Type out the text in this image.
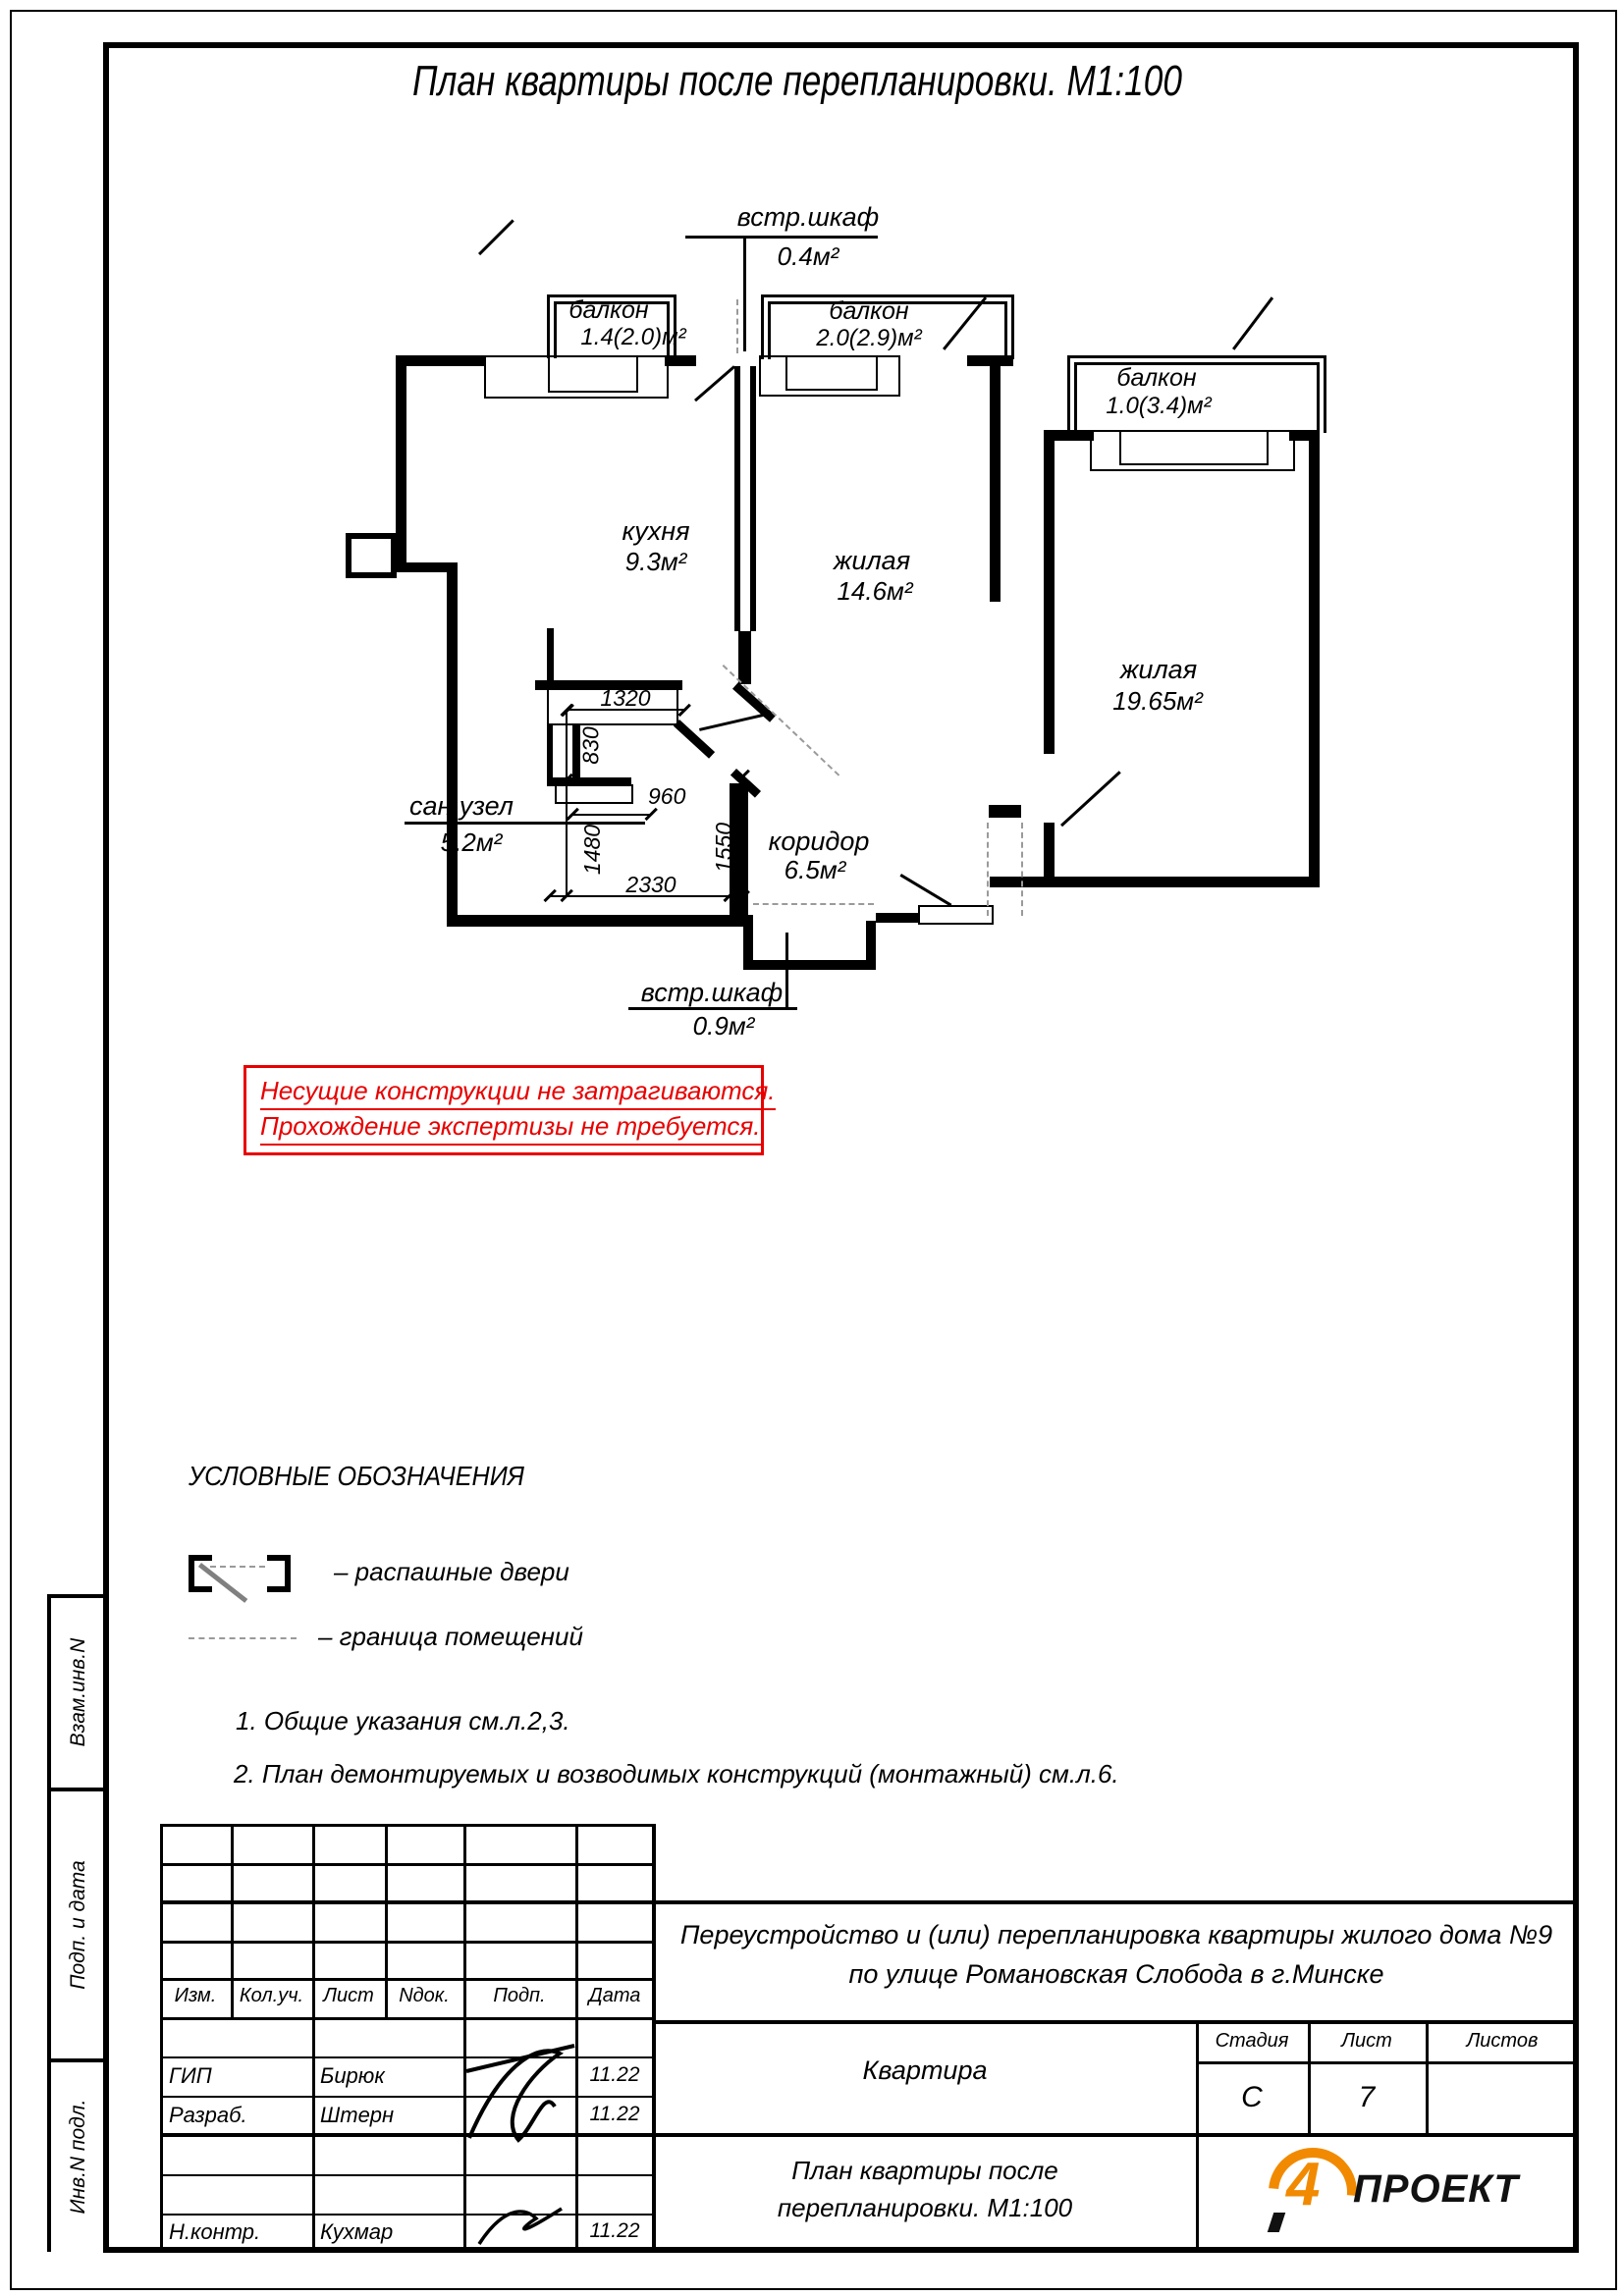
План квартиры после перепланировки. М1:100
1320
830
960
1480	1550
2330
встр.шкаф
0.4м²
сан.узел
5.2м²
встр.шкаф
0.9м²
кухня
9.3м²	жилая
14.6м²
жилая
19.65м²
коридор
6.5м²
балкон
1.4(2.0)м²
балкон
2.0(2.9)м²
балкон
1.0(3.4)м²
Несущие конструкции не затрагиваются.
Прохождение экспертизы не требуется.
УСЛОВНЫЕ ОБОЗНАЧЕНИЯ
– распашные двери
– граница помещений
1. Общие указания см.л.2,3.
2. План демонтируемых и возводимых конструкций (монтажный) см.л.6.
Взам.инв.N
Подп. и дата
Инв.N подл.
Изм.	Кол.уч.	Лист	Nдок.	Подп.	Дата
ГИП	Бирюк	11.22
Разраб.	Штерн	11.22
Н.контр.	Кухмар	11.22
Переустройство и (или) перепланировка квартиры жилого дома №9
по улице Романовская Слобода в г.Минске
Квартира
Стадия	Лист	Листов
С	7
План квартиры после
перепланировки. М1:100	4 ПРОЕКТ
